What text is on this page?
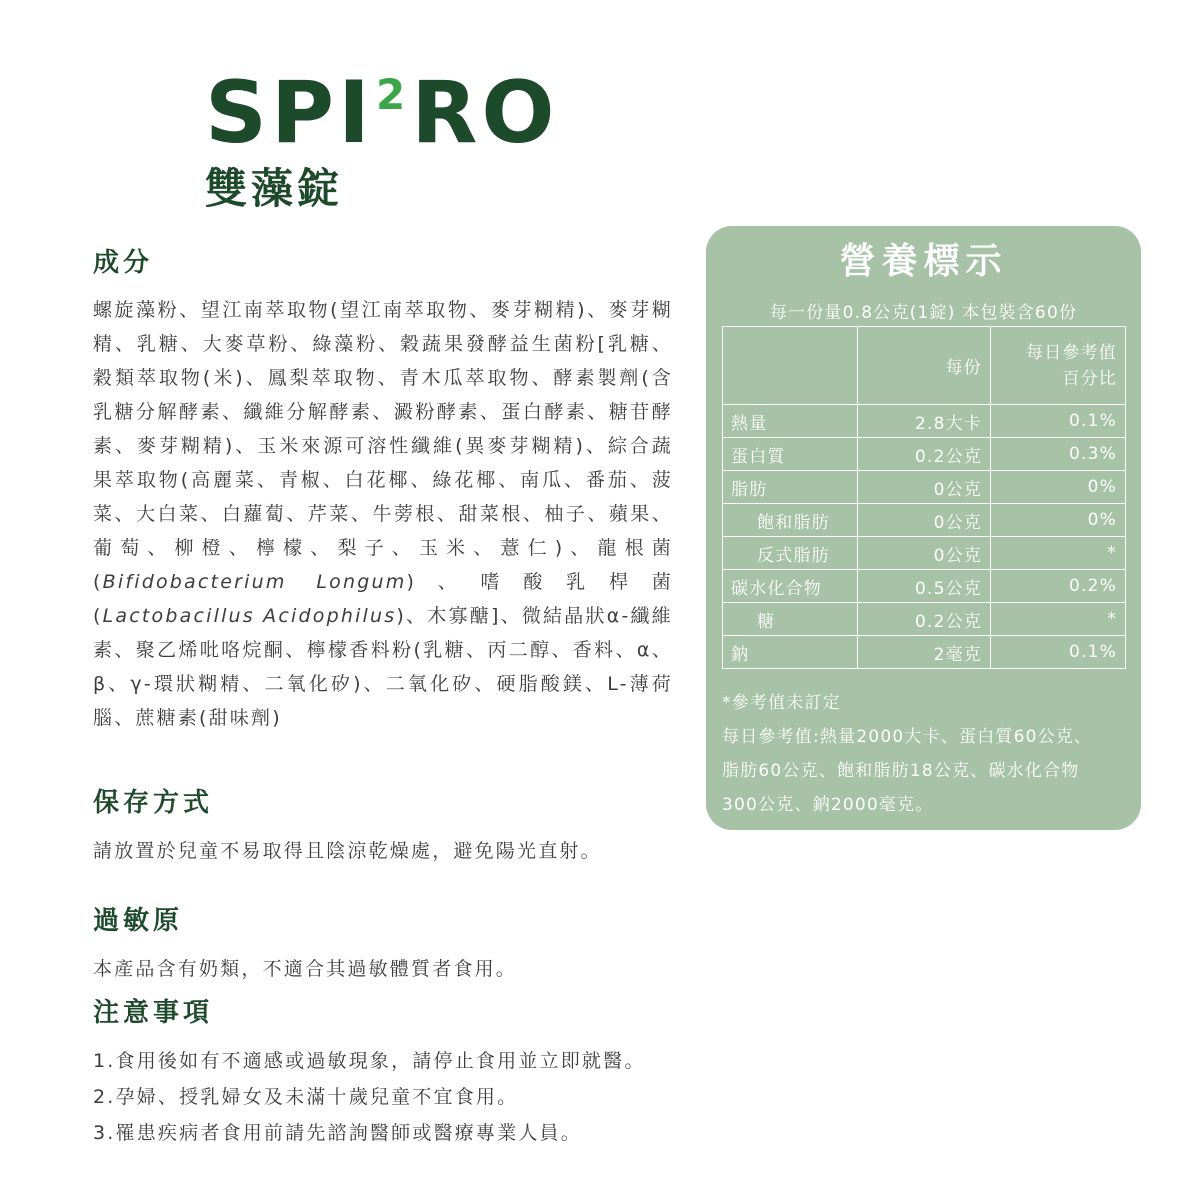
SPI$^2$RO
雙藻錠
成分
螺旋藻粉、望江南萃取物(望江南萃取物、麥芽糊精)、麥芽糊精、乳糖、大麥草粉、綠藻粉、穀蔬果發酵益生菌粉[乳糖、穀類萃取物(米)、鳳梨萃取物、青木瓜萃取物、酵素製劑(含乳糖分解酵素、纖維分解酵素、澱粉酵素、蛋白酵素、糖苷酵素、麥芽糊精)、玉米來源可溶性纖維(異麥芽糊精)、綜合蔬果萃取物(高麗菜、青椒、白花椰、綠花椰、南瓜、番茄、菠菜、大白菜、白蘿蔔、芹菜、牛蒡根、甜菜根、柚子、蘋果、葡萄、柳橙、檸檬、梨子、玉米、薏仁)、龍根菌(Bifidobacterium Longum)、嗜酸乳桿菌 (Lactobacillus Acidophilus)、木寡醣]、微結晶狀α-纖維素、聚乙烯吡咯烷酮、檸檬香料粉(乳糖、丙二醇、香料、α、β、γ-環狀糊精、二氧化矽)、二氧化矽、硬脂酸鎂、L-薄荷腦、蔗糖素(甜味劑)
保存方式
請放置於兒童不易取得且陰涼乾燥處，避免陽光直射。
過敏原
本產品含有奶類，不適合其過敏體質者食用。
注意事項
1.食用後如有不適感或過敏現象，請停止食用並立即就醫。
2.孕婦、授乳婦女及未滿十歲兒童不宜食用。
3.罹患疾病者食用前請先諮詢醫師或醫療專業人員。
營養標示
每一份量0.8公克(1錠) 本包裝含60份
	每份	每日參考值
百分比

熱量	2.8大卡	0.1%
蛋白質	0.2公克	0.3%
脂肪	0公克	0%
飽和脂肪	0公克	0%
反式脂肪	0公克	*
碳水化合物	0.5公克	0.2%
糖	0.2公克	*
鈉	2毫克	0.1%
*參考值未訂定
每日參考值:熱量2000大卡、蛋白質60公克、
脂肪60公克、飽和脂肪18公克、碳水化合物
300公克、鈉2000毫克。
